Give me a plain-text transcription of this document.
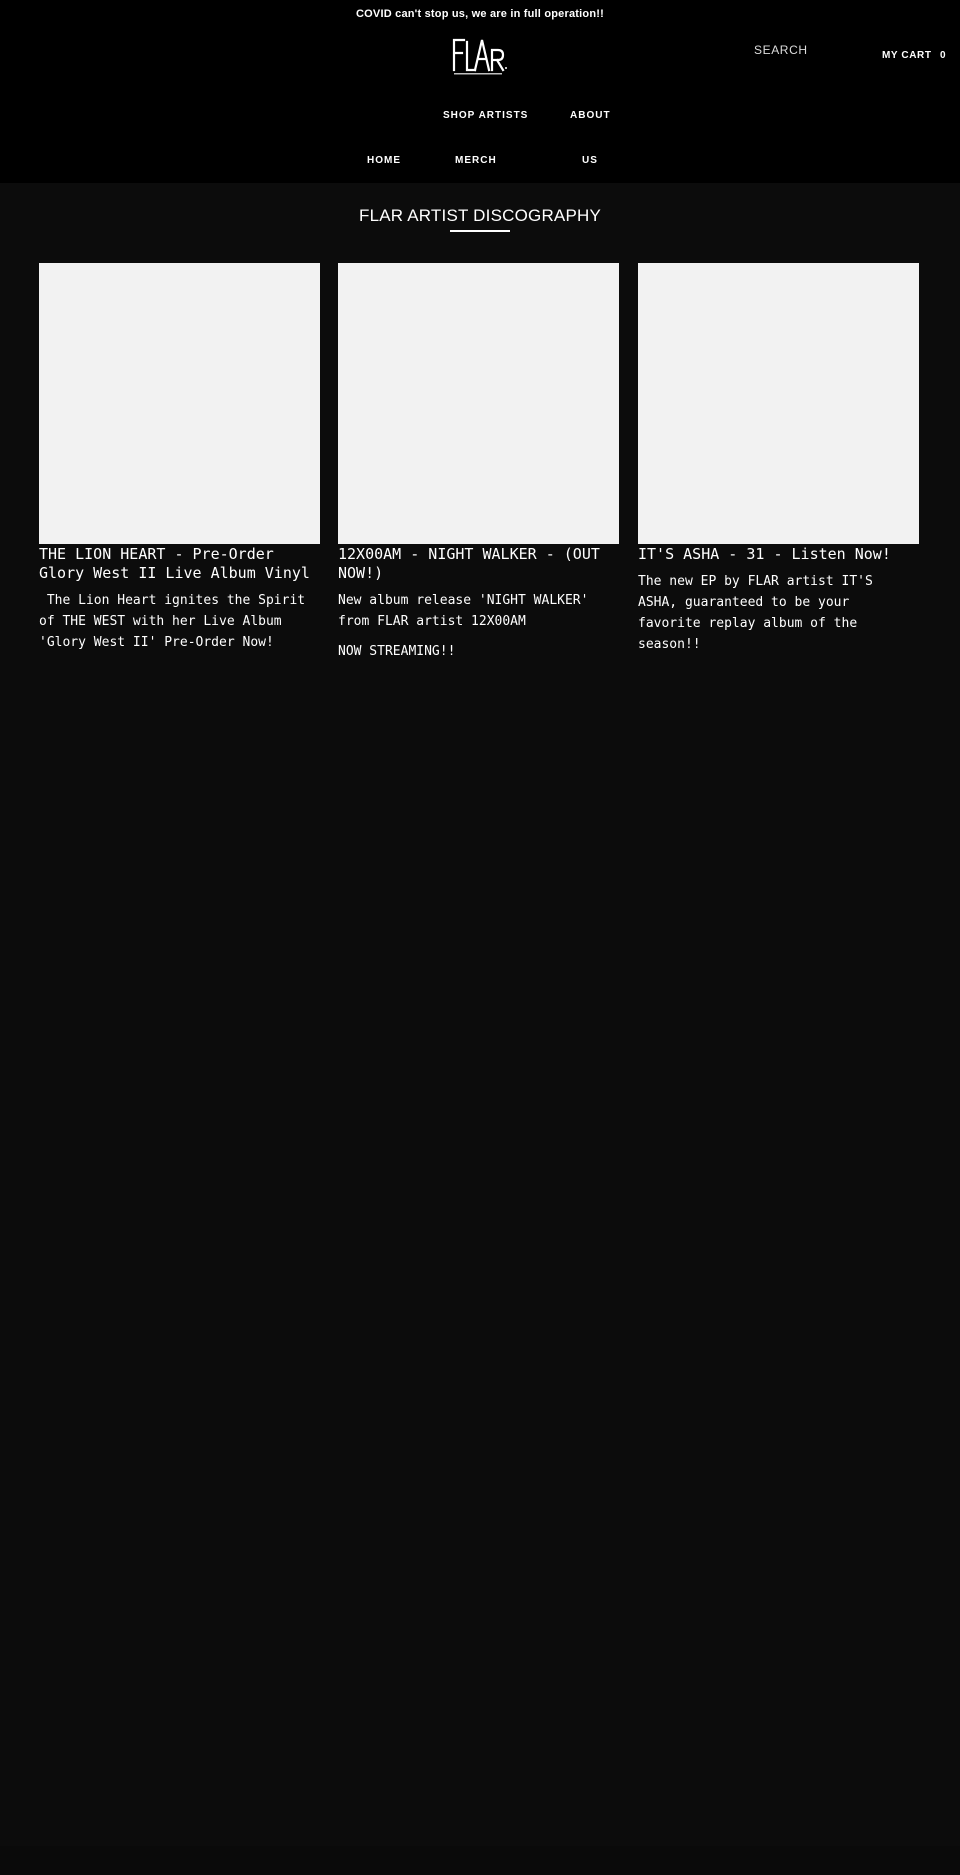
COVID can't stop us, we are in full operation!!
SEARCH	MY CART 0
SHOP ARTISTS	ABOUT
HOME	MERCH	US
FLAR ARTIST DISCOGRAPHY
THE LION HEART - Pre-Order Glory West II Live Album Vinyl
The Lion Heart ignites the Spirit of THE WEST with her Live Album 'Glory West II' Pre-Order Now!
12X00AM - NIGHT WALKER - (OUT NOW!)
New album release 'NIGHT WALKER' from FLAR artist 12X00AM
NOW STREAMING!!
IT'S ASHA - 31 - Listen Now!
The new EP by FLAR artist IT'S ASHA, guaranteed to be your favorite replay album of the season!!
